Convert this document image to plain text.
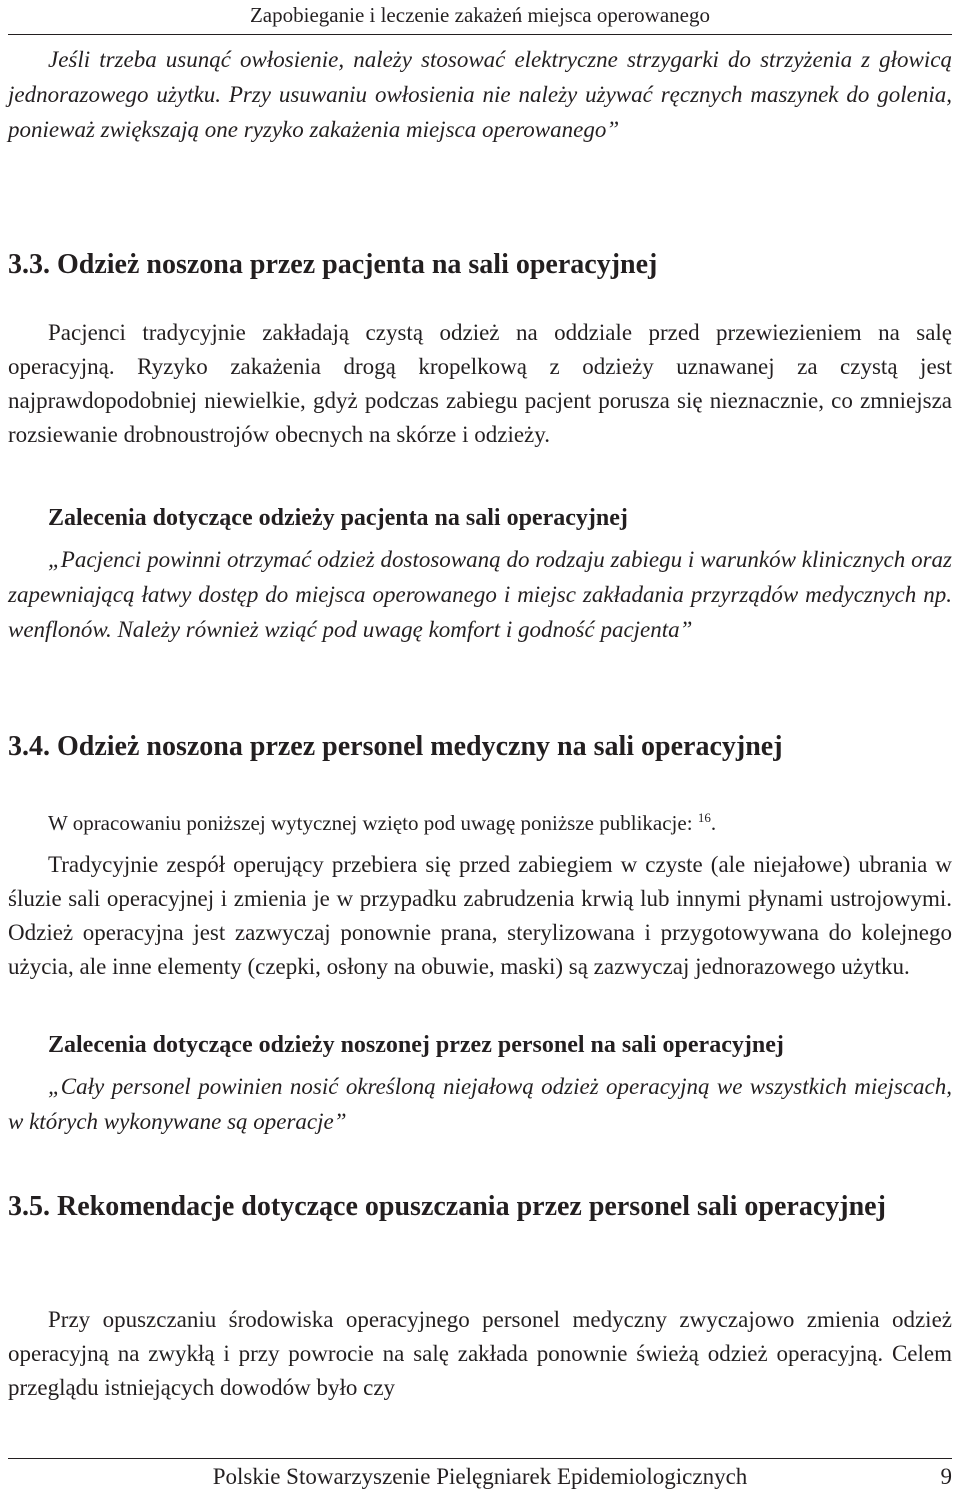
Zapobieganie i leczenie zakażeń miejsca operowanego

Jeśli trzeba usunąć owłosienie, należy stosować elektryczne strzygarki do strzyżenia z głowicą jednorazowego użytku. Przy usuwaniu owłosienia nie należy używać ręcznych maszynek do golenia, ponieważ zwiększają one ryzyko zakażenia miejsca operowanego”

3.3. Odzież noszona przez pacjenta na sali operacyjnej

Pacjenci tradycyjnie zakładają czystą odzież na oddziale przed przewiezieniem na salę operacyjną. Ryzyko zakażenia drogą kropelkową z odzieży uznawanej za czystą jest najprawdopodobniej niewielkie, gdyż podczas zabiegu pacjent porusza się nieznacznie, co zmniejsza rozsiewanie drobnoustrojów obecnych na skórze i odzieży.

Zalecenia dotyczące odzieży pacjenta na sali operacyjnej

„Pacjenci powinni otrzymać odzież dostosowaną do rodzaju zabiegu i warunków klinicznych oraz zapewniającą łatwy dostęp do miejsca operowanego i miejsc zakładania przyrządów medycznych np. wenflonów. Należy również wziąć pod uwagę komfort i godność pacjenta”

3.4. Odzież noszona przez personel medyczny na sali operacyjnej

W opracowaniu poniższej wytycznej wzięto pod uwagę poniższe publikacje: $^{16}$.

Tradycyjnie zespół operujący przebiera się przed zabiegiem w czyste (ale niejałowe) ubrania w śluzie sali operacyjnej i zmienia je w przypadku zabrudzenia krwią lub innymi płynami ustrojowymi. Odzież operacyjna jest zazwyczaj ponownie prana, sterylizowana i przygotowywana do kolejnego użycia, ale inne elementy (czepki, osłony na obuwie, maski) są zazwyczaj jednorazowego użytku.

Zalecenia dotyczące odzieży noszonej przez personel na sali operacyjnej

„Cały personel powinien nosić określoną niejałową odzież operacyjną we wszystkich miejscach, w których wykonywane są operacje”

3.5. Rekomendacje dotyczące opuszczania przez personel sali operacyjnej

Przy opuszczaniu środowiska operacyjnego personel medyczny zwyczajowo zmienia odzież operacyjną na zwykłą i przy powrocie na salę zakłada ponownie świeżą odzież operacyjną. Celem przeglądu istniejących dowodów było czy

Polskie Stowarzyszenie Pielęgniarek Epidemiologicznych	9
